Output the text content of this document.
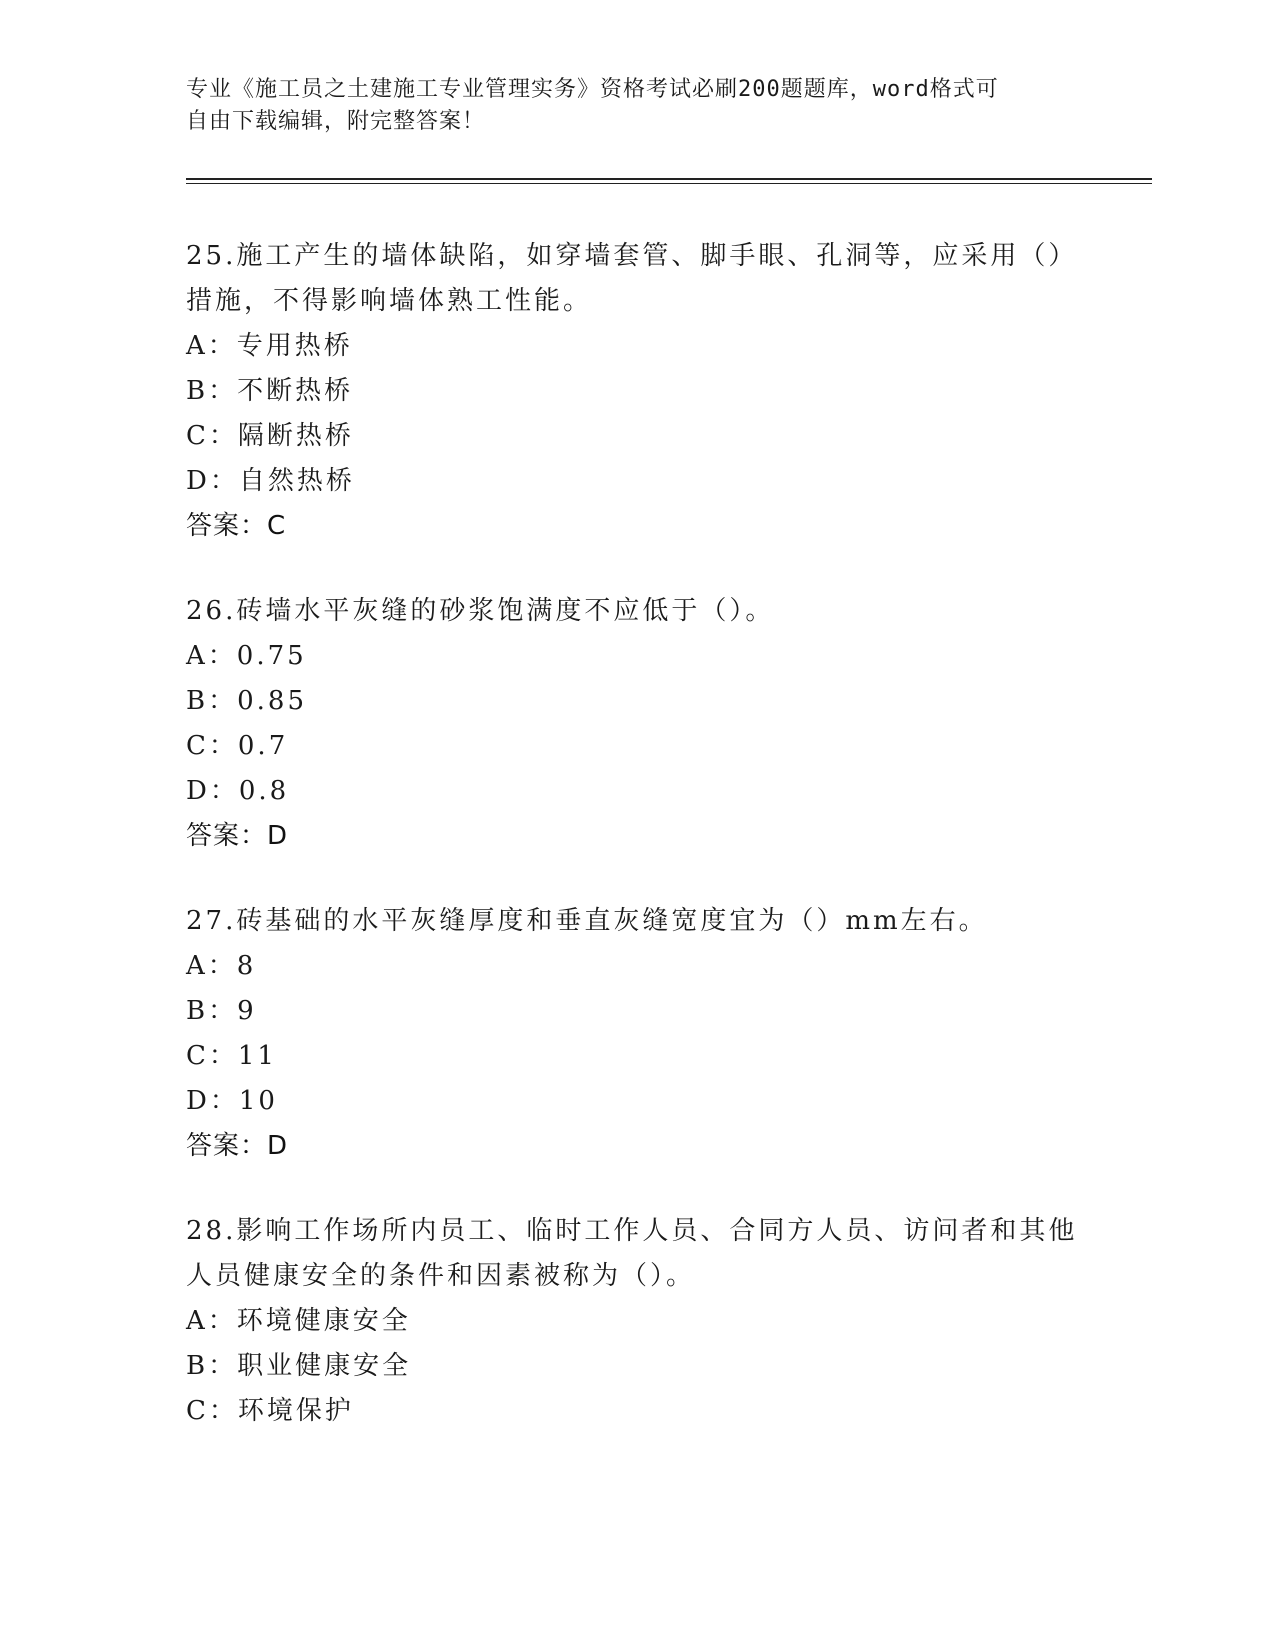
专业《施工员之土建施工专业管理实务》资格考试必刷200题题库，word格式可
自由下载编辑，附完整答案！

25.施工产生的墙体缺陷，如穿墙套管、脚手眼、孔洞等，应采用（）

措施，不得影响墙体熟工性能。

A：专用热桥

B：不断热桥

C：隔断热桥

D：自然热桥

答案：C

26.砖墙水平灰缝的砂浆饱满度不应低于（）。

A：0.75

B：0.85

C：0.7

D：0.8

答案：D

27.砖基础的水平灰缝厚度和垂直灰缝宽度宜为（）mm左右。

A：8

B：9

C：11

D：10

答案：D

28.影响工作场所内员工、临时工作人员、合同方人员、访问者和其他

人员健康安全的条件和因素被称为（）。

A：环境健康安全

B：职业健康安全

C：环境保护
